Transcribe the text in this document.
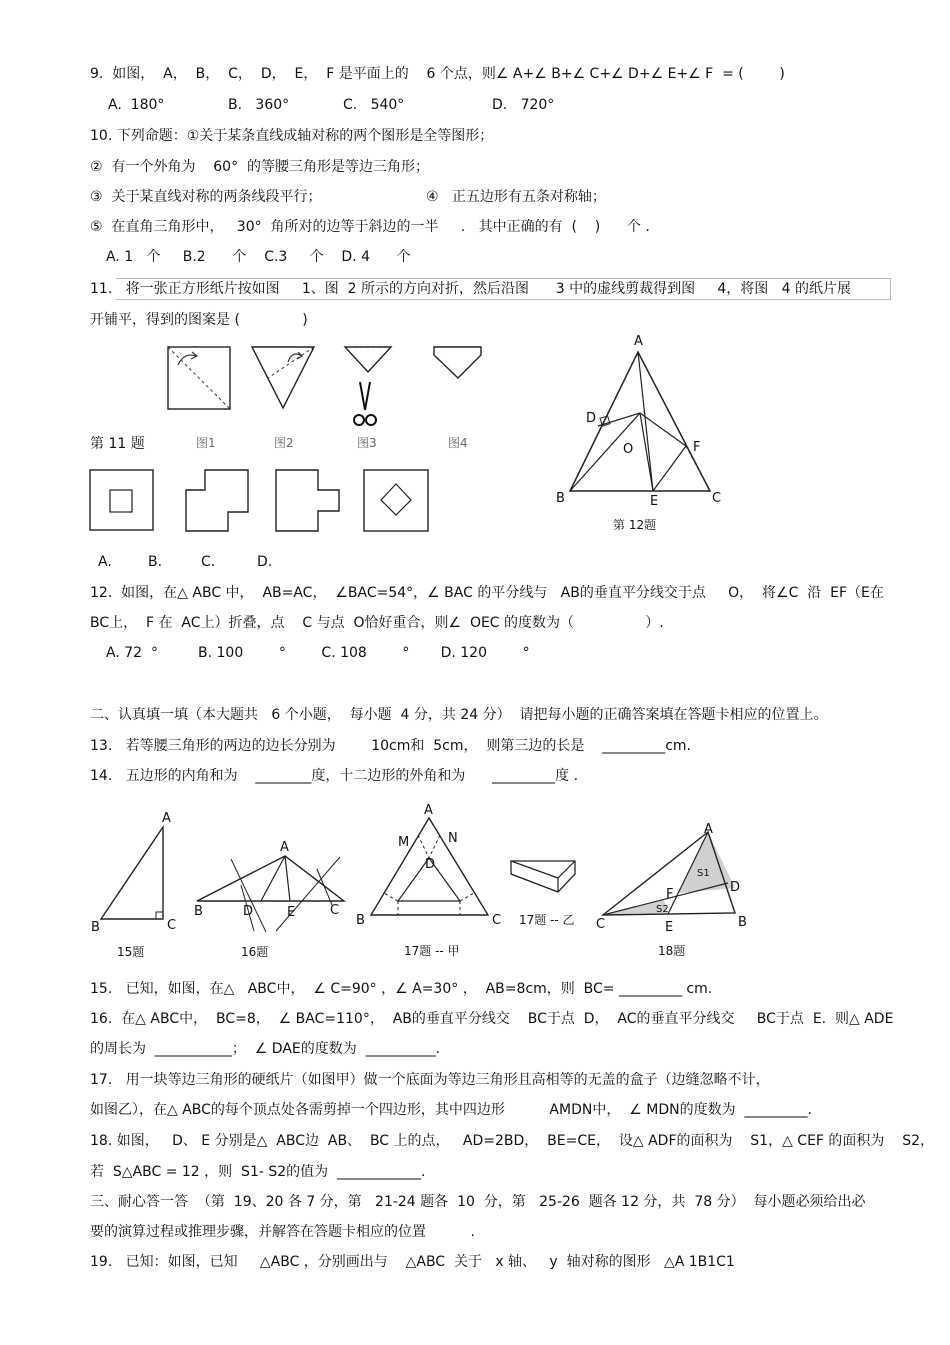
9.  如图，  A，  B，  C，  D，  E，  F 是平面上的    6 个点，则∠ A+∠ B+∠ C+∠ D+∠ E+∠ F  = (        )
A.  180°	B.   360°	C.   540°	D.   720°
10. 下列命题：①关于某条直线成轴对称的两个图形是全等图形；
②  有一个外角为    60°  的等腰三角形是等边三角形；
③  关于某直线对称的两条线段平行；	④   正五边形有五条对称轴；
⑤  在直角三角形中，   30°  角所对的边等于斜边的一半     .   其中正确的有  (    )      个 .
A. 1   个     B.2      个    C.3     个    D. 4      个
11.   将一张正方形纸片按如图     1、图  2 所示的方向对折，然后沿图      3 中的虚线剪裁得到图     4，将图   4 的纸片展
开铺平，得到的图案是 (              )
第 11 题	图1	图2	图3	图4
A.	B.	C.	D.
A
B	C
D
E
F
O
第 12题
12.  如图，在△ ABC 中，  AB=AC，  ∠BAC=54°，∠ BAC 的平分线与   AB的垂直平分线交于点     O，  将∠C  沿  EF（E在
BC上，  F 在  AC上）折叠，点    C 与点  O恰好重合，则∠  OEC 的度数为（                ）.
A. 72  °         B. 100        °        C. 108        °       D. 120        °
二、认真填一填（本大题共   6 个小题，  每小题  4 分，共 24 分）  请把每小题的正确答案填在答题卡相应的位置上。
13.   若等腰三角形的两边的边长分别为        10cm和  5cm，  则第三边的长是    _________cm.
14.   五边形的内角和为    ________度，十二边形的外角和为      _________度 .
A
B	C
15题
A
B	D	E	C
16题
A
M	N
D
B	C
17题 -- 甲
17题 -- 乙
A
S1
D
F
S2
C	E	B
18题
15.   已知，如图，在△   ABC中，  ∠ C=90° ，∠ A=30° ，  AB=8cm，则  BC= _________ cm.
16.  在△ ABC中，  BC=8，  ∠ BAC=110°，  AB的垂直平分线交    BC于点  D，  AC的垂直平分线交     BC于点  E.  则△ ADE
的周长为  ___________；  ∠ DAE的度数为  __________.
17.   用一块等边三角形的硬纸片（如图甲）做一个底面为等边三角形且高相等的无盖的盒子（边缝忽略不计，
如图乙），在△ ABC的每个顶点处各需剪掉一个四边形，其中四边形          AMDN中，  ∠ MDN的度数为  _________.
18. 如图，   D、 E 分别是△  ABC边  AB、  BC 上的点，   AD=2BD，  BE=CE，  设△ ADF的面积为    S1，△ CEF 的面积为    S2，
若  S△ABC = 12 ，则  S1- S2的值为  ____________.
三、耐心答一答  （第  19、20 各 7 分，第   21-24 题各  10  分，第   25-26  题各 12 分，共  78 分）  每小题必须给出必
要的演算过程或推理步骤，并解答在答题卡相应的位置          .
19.   已知：如图，已知     △ABC ，分别画出与    △ABC  关于   x 轴、   y  轴对称的图形   △A 1B1C1
